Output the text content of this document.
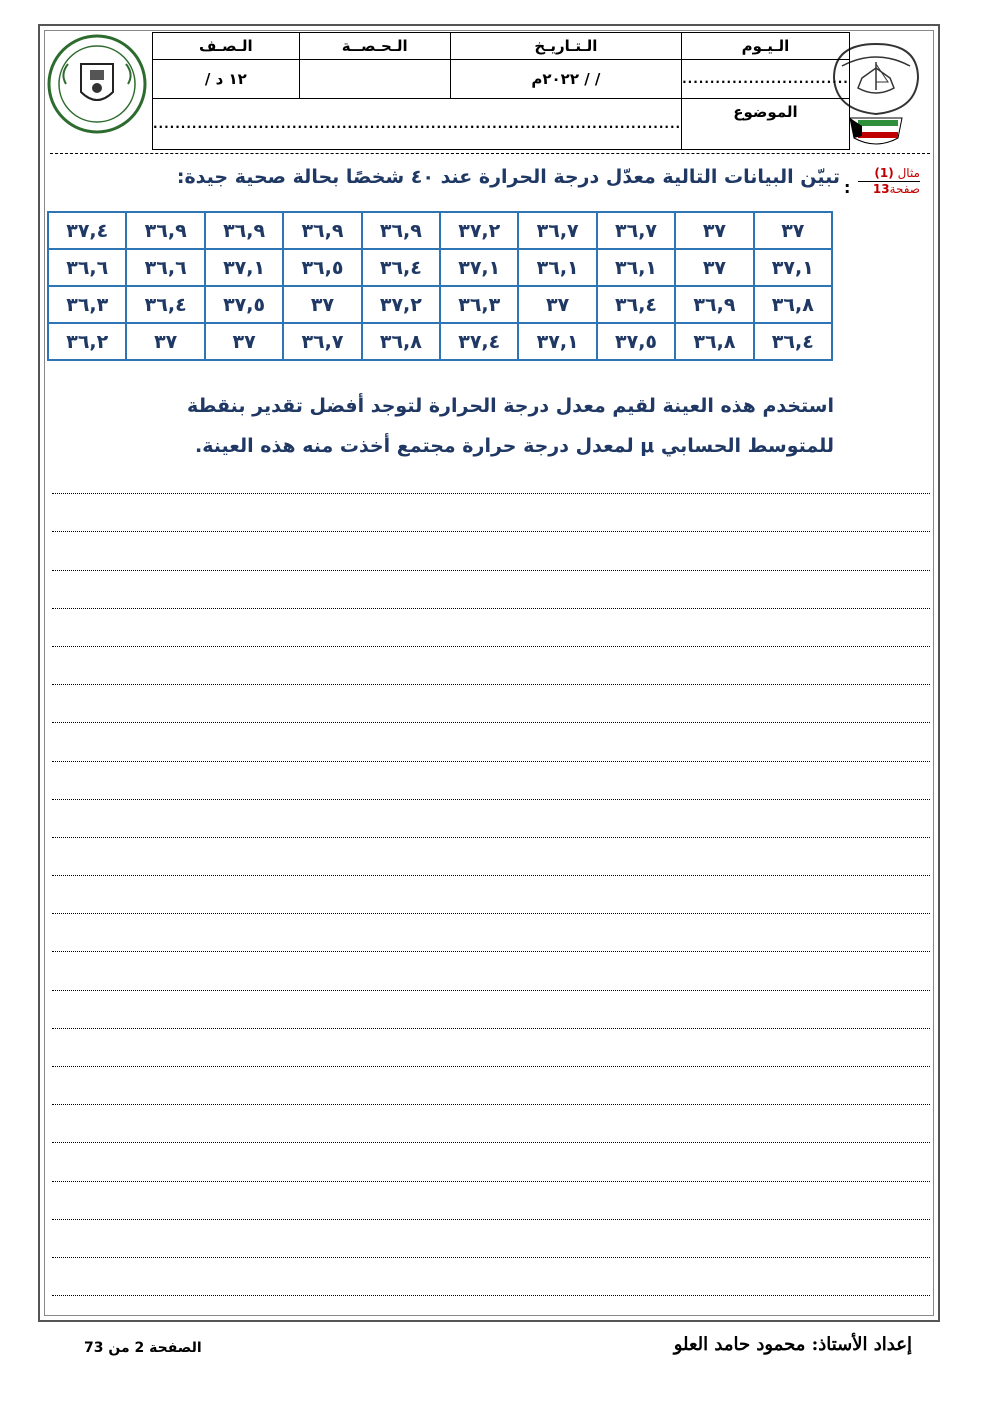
الـيـوم	الـتـاريـخ	الـحـصــة	الـصـف
..............................	/ / ٢٠٢٢م		١٢ د /
الموضوع	...............................................................................................		
مثال (1)
صفحة13
:
تبيّن البيانات التالية معدّل درجة الحرارة عند ٤٠ شخصًا بحالة صحية جيدة:
٣٧	٣٧	٣٦,٧	٣٦,٧	٣٧,٢	٣٦,٩	٣٦,٩	٣٦,٩	٣٦,٩	٣٧,٤
٣٧,١	٣٧	٣٦,١	٣٦,١	٣٧,١	٣٦,٤	٣٦,٥	٣٧,١	٣٦,٦	٣٦,٦
٣٦,٨	٣٦,٩	٣٦,٤	٣٧	٣٦,٣	٣٧,٢	٣٧	٣٧,٥	٣٦,٤	٣٦,٣
٣٦,٤	٣٦,٨	٣٧,٥	٣٧,١	٣٧,٤	٣٦,٨	٣٦,٧	٣٧	٣٧	٣٦,٢
استخدم هذه العينة لقيم معدل درجة الحرارة لتوجد أفضل تقدير بنقطة للمتوسط الحسابي μ لمعدل درجة حرارة مجتمع أخذت منه هذه العينة.
الصفحة 2 من 73	إعداد الأستاذ: محمود حامد العلو
